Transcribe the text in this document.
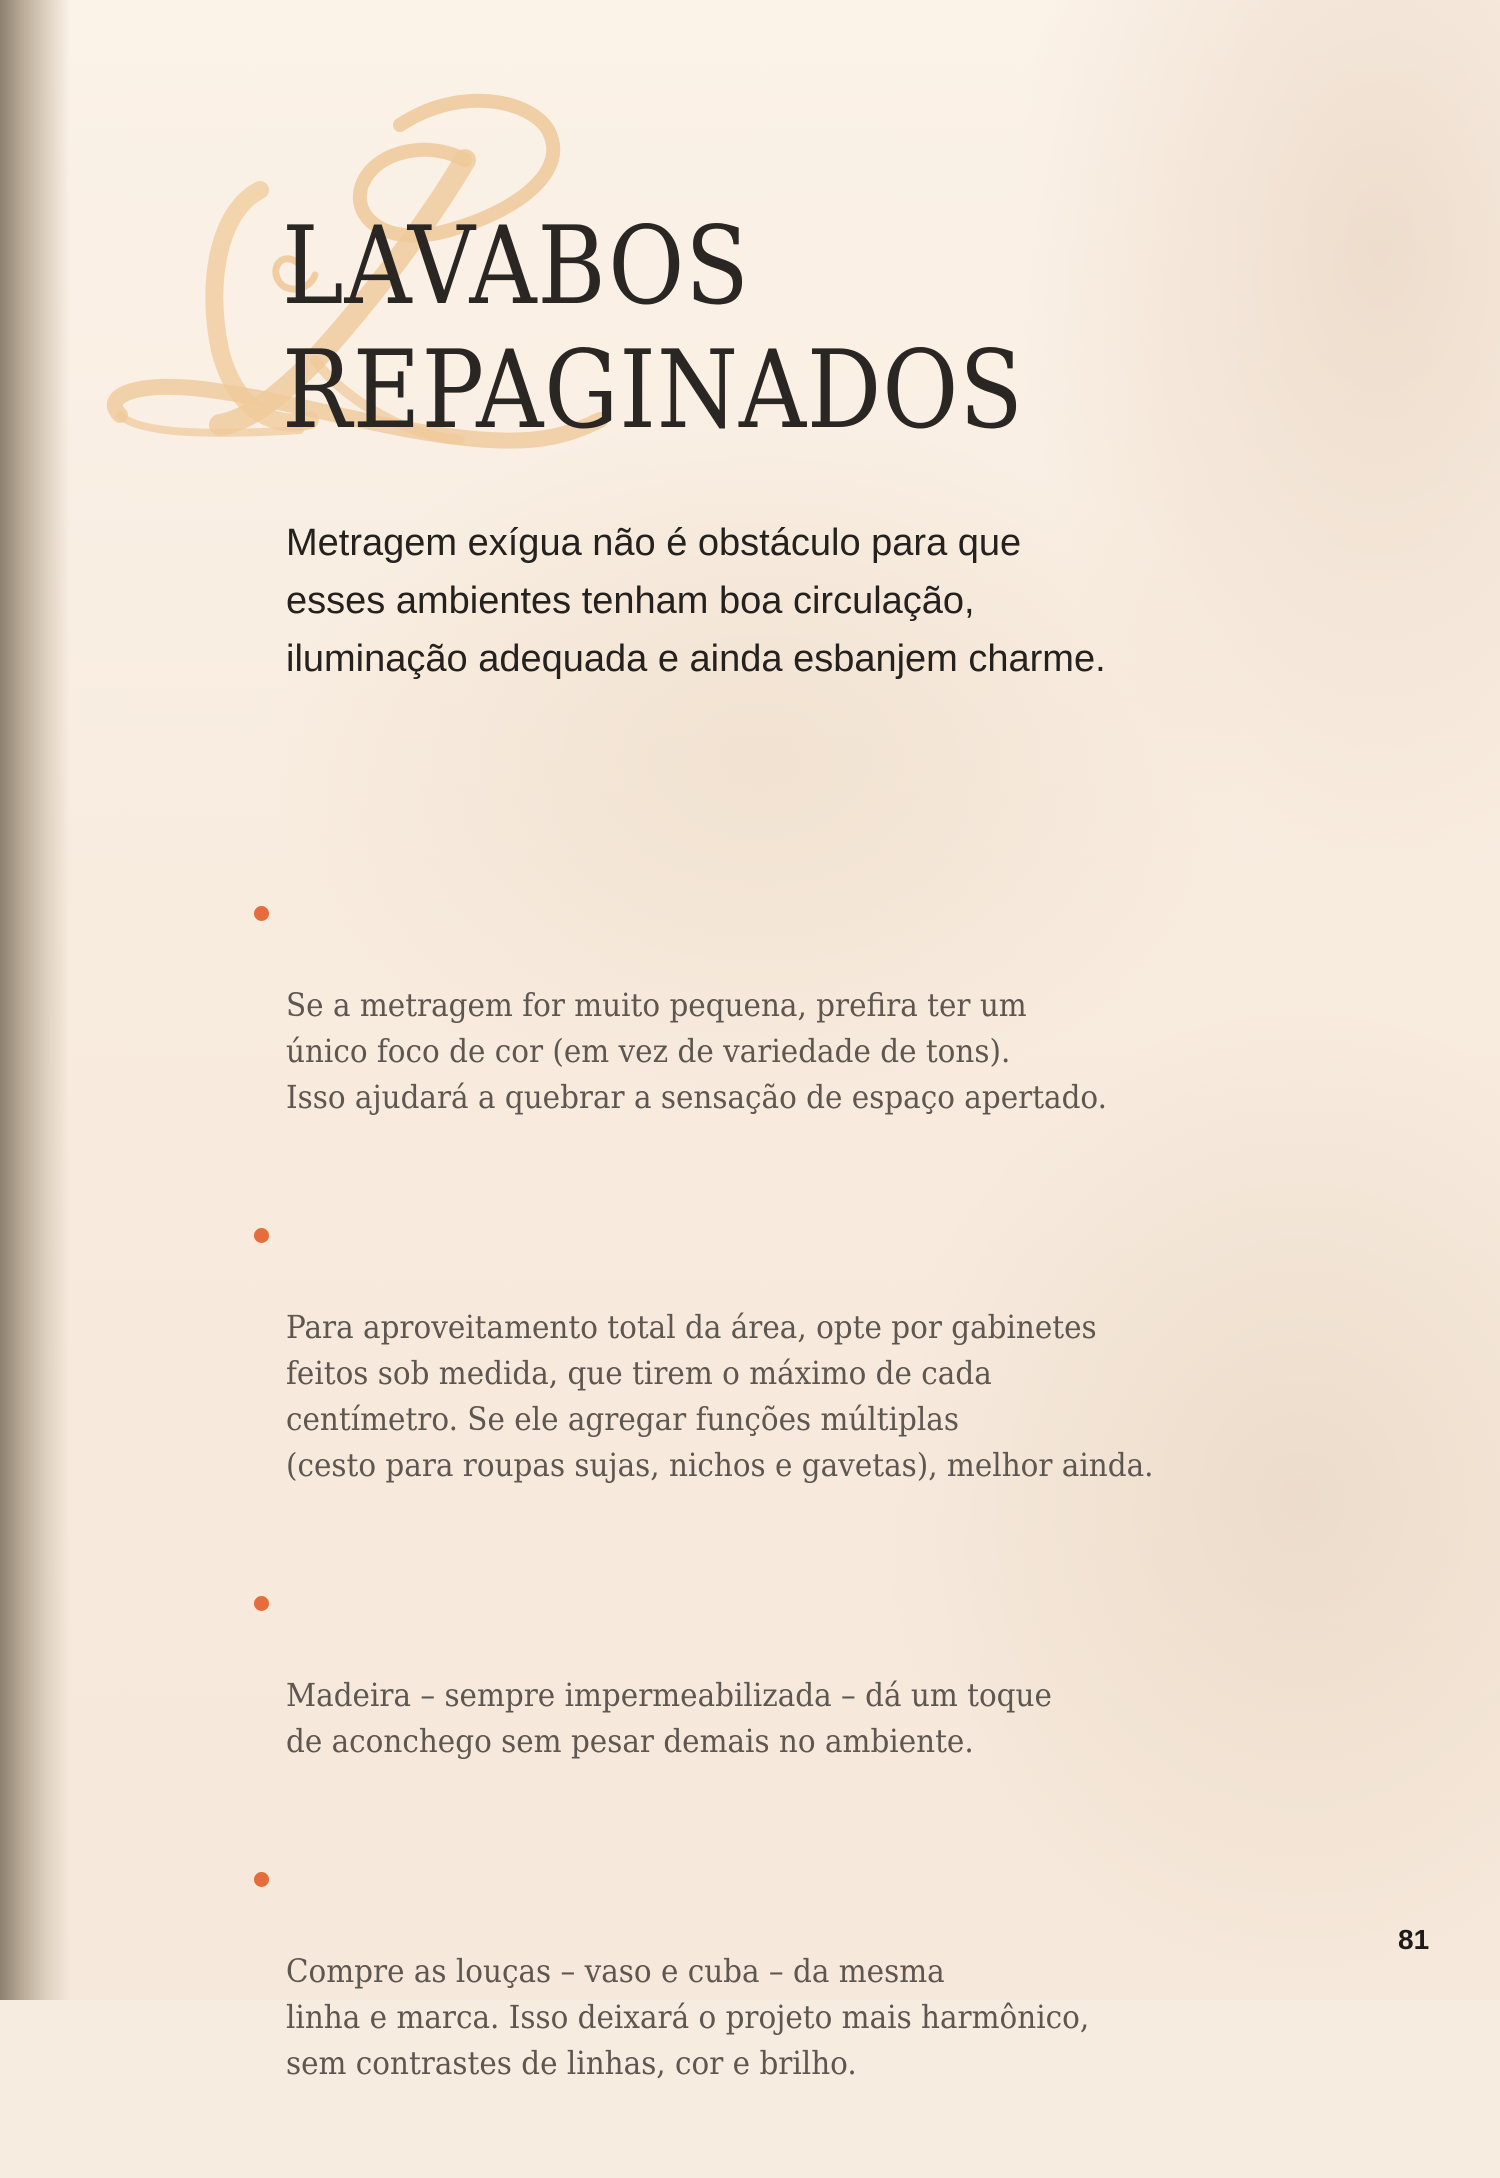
LAVABOS
REPAGINADOS

Metragem exígua não é obstáculo para que
esses ambientes tenham boa circulação,
iluminação adequada e ainda esbanjem charme.

Se a metragem for muito pequena, prefira ter um
único foco de cor (em vez de variedade de tons).
Isso ajudará a quebrar a sensação de espaço apertado.

Para aproveitamento total da área, opte por gabinetes
feitos sob medida, que tirem o máximo de cada
centímetro. Se ele agregar funções múltiplas
(cesto para roupas sujas, nichos e gavetas), melhor ainda.

Madeira – sempre impermeabilizada – dá um toque
de aconchego sem pesar demais no ambiente.

Compre as louças – vaso e cuba – da mesma
linha e marca. Isso deixará o projeto mais harmônico,
sem contrastes de linhas, cor e brilho.

81
